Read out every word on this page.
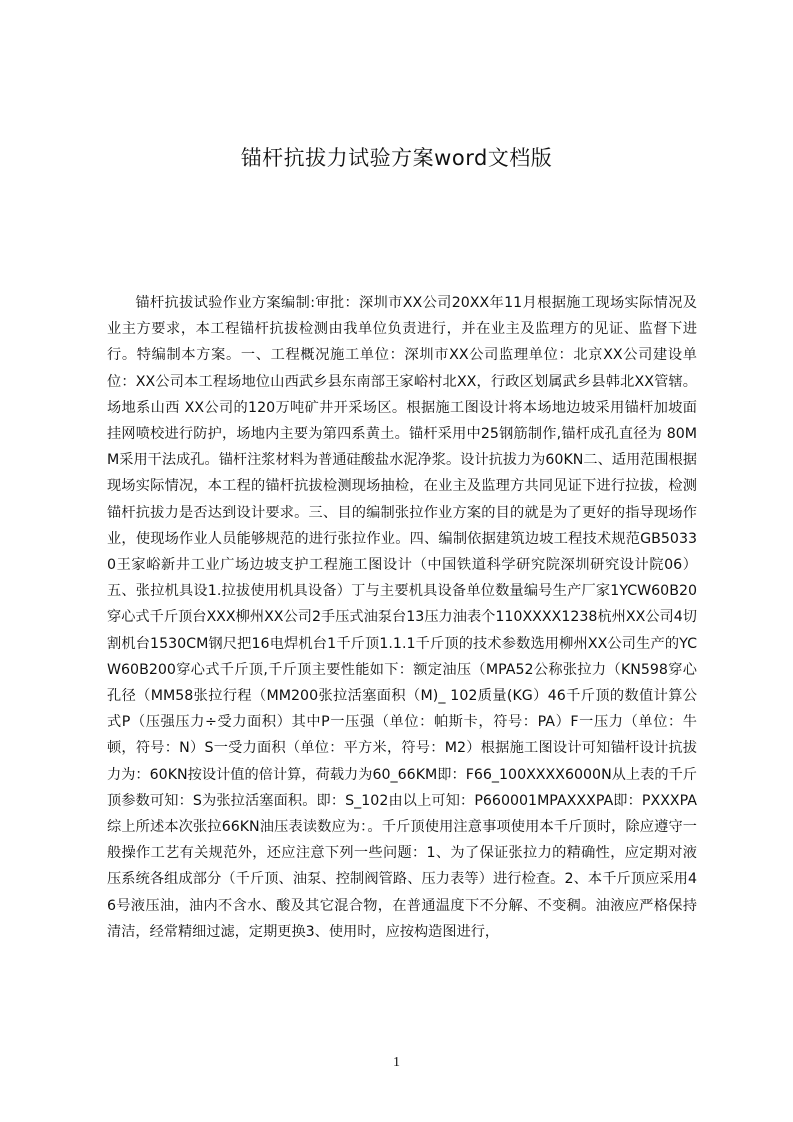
锚杆抗拔力试验方案word文档版
锚杆抗拔试验作业方案编制:审批：深圳市XX公司20XX年11月根据施工现场实际情况及业主方要求，本工程锚杆抗拔检测由我单位负责进行，并在业主及监理方的见证、监督下进行。特编制本方案。一、工程概况施工单位：深圳市XX公司监理单位：北京XX公司建设单位：XX公司本工程场地位山西武乡县东南部王家峪村北XX，行政区划属武乡县韩北XX管辖。场地系山西 XX公司的120万吨矿井开采场区。根据施工图设计将本场地边坡采用锚杆加坡面挂网喷校进行防护，场地内主要为第四系黄土。锚杆采用中25钢筋制作,锚杆成孔直径为 80MM采用干法成孔。锚杆注浆材料为普通硅酸盐水泥净浆。设计抗拔力为60KN二、适用范围根据现场实际情况，本工程的锚杆抗拔检测现场抽检，在业主及监理方共同见证下进行拉拔，检测锚杆抗拔力是否达到设计要求。三、目的编制张拉作业方案的目的就是为了更好的指导现场作业，使现场作业人员能够规范的进行张拉作业。四、编制依据建筑边坡工程技术规范GB50330王家峪新井工业广场边坡支护工程施工图设计（中国铁道科学研究院深圳研究设计院06）五、张拉机具设1.拉拔使用机具设备）丁与主要机具设备单位数量编号生产厂家1YCW60B20穿心式千斤顶台XXX柳州XX公司2手压式油泵台13压力油表个110XXXX1238杭州XX公司4切割机台1530CM钢尺把16电焊机台1千斤顶1.1.1千斤顶的技术参数选用柳州XX公司生产的YCW60B200穿心式千斤顶,千斤顶主要性能如下：额定油压（MPA52公称张拉力（KN598穿心孔径（MM58张拉行程（MM200张拉活塞面积（M)_ 102质量(KG）46千斤顶的数值计算公式P（压强压力÷受力面积）其中P一压强（单位：帕斯卡，符号：PA）F一压力（单位：牛顿，符号：N）S一受力面积（单位：平方米，符号：M2）根据施工图设计可知锚杆设计抗拔力为：60KN按设计值的倍计算，荷载力为60_66KM即：F66_100XXXX6000N从上表的千斤顶参数可知：S为张拉活塞面积。即：S_102由以上可知：P660001MPAXXXPA即：PXXXPA综上所述本次张拉66KN油压表读数应为：。千斤顶使用注意事项使用本千斤顶时，除应遵守一般操作工艺有关规范外，还应注意下列一些问题：1、为了保证张拉力的精确性，应定期对液压系统各组成部分（千斤顶、油泵、控制阀管路、压力表等）进行检查。2、本千斤顶应采用46号液压油，油内不含水、酸及其它混合物，在普通温度下不分解、不变稠。油液应严格保持清洁，经常精细过滤，定期更换3、使用时，应按构造图进行，
1
